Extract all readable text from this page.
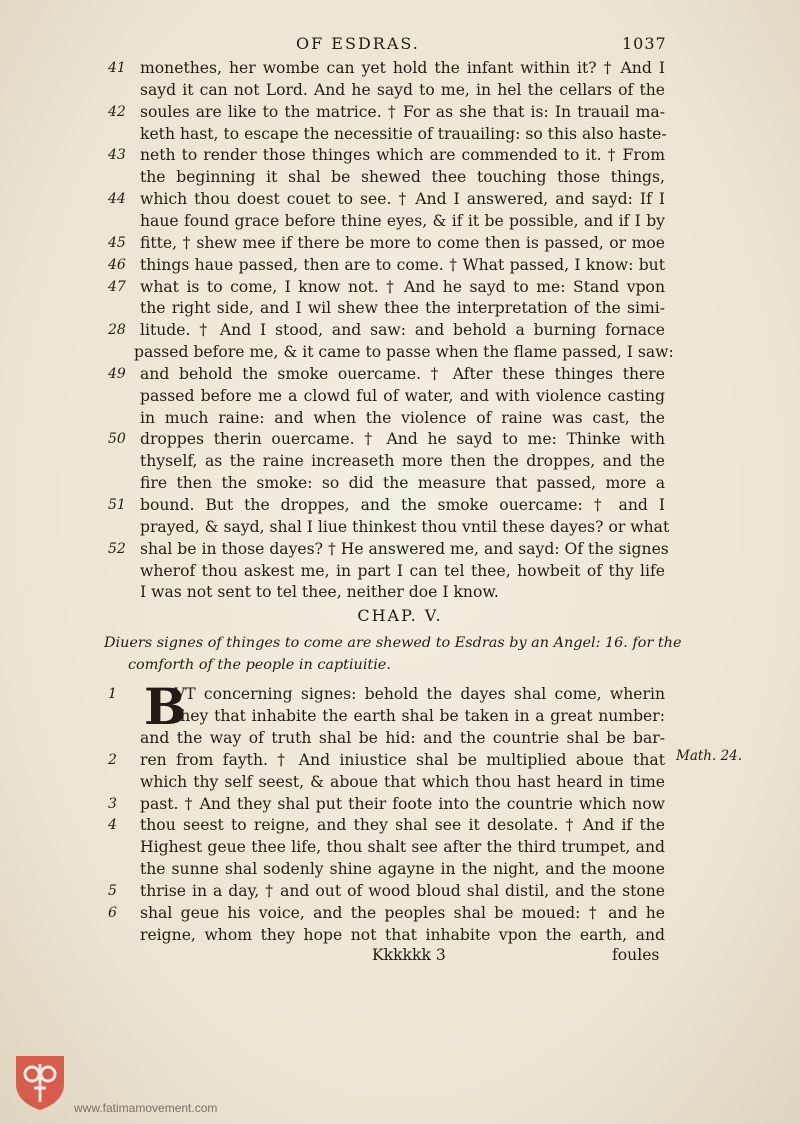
OF ESDRAS.	1037
41 monethes, her wombe can yet hold the infant within it? † And I
sayd it can not Lord. And he sayd to me, in hel the cellars of the
42 soules are like to the matrice. † For as she that is: In trauail ma-
keth hast, to escape the necessitie of trauailing: so this also haste-
43 neth to render those thinges which are commended to it. † From
the beginning it shal be shewed thee touching those things,
44 which thou doest couet to see. † And I answered, and sayd: If I
haue found grace before thine eyes, & if it be possible, and if I by
45 fitte, † shew mee if there be more to come then is passed, or moe
46 things haue passed, then are to come. † What passed, I know: but
47 what is to come, I know not. † And he sayd to me: Stand vpon
the right side, and I wil shew thee the interpretation of the simi-
28 litude. † And I stood, and saw: and behold a burning fornace
passed before me, & it came to passe when the flame passed, I saw:
49 and behold the smoke ouercame. † After these thinges there
passed before me a clowd ful of water, and with violence casting
in much raine: and when the violence of raine was cast, the
50 droppes therin ouercame. † And he sayd to me: Thinke with
thyself, as the raine increaseth more then the droppes, and the
fire then the smoke: so did the measure that passed, more a
51 bound. But the droppes, and the smoke ouercame: † and I
prayed, & sayd, shal I liue thinkest thou vntil these dayes? or what
52 shal be in those dayes? † He answered me, and sayd: Of the signes
wherof thou askest me, in part I can tel thee, howbeit of thy life
I was not sent to tel thee, neither doe I know.
CHAP. V.
Diuers signes of thinges to come are shewed to Esdras by an Angel: 16. for the
comforth of the people in captiuitie.
B
1	VT concerning signes: behold the dayes shal come, wherin
they that inhabite the earth shal be taken in a great number:
and the way of truth shal be hid: and the countrie shal be bar-
2	ren from fayth. † And iniustice shal be multiplied aboue that
which thy self seest, & aboue that which thou hast heard in time
3	past. † And they shal put their foote into the countrie which now
4	thou seest to reigne, and they shal see it desolate. † And if the
Highest geue thee life, thou shalt see after the third trumpet, and
the sunne shal sodenly shine agayne in the night, and the moone
5	thrise in a day, † and out of wood bloud shal distil, and the stone
6	shal geue his voice, and the peoples shal be moued: † and he
reigne, whom they hope not that inhabite vpon the earth, and
Math. 24.
Kkkkkk 3	foules
www.fatimamovement.com
